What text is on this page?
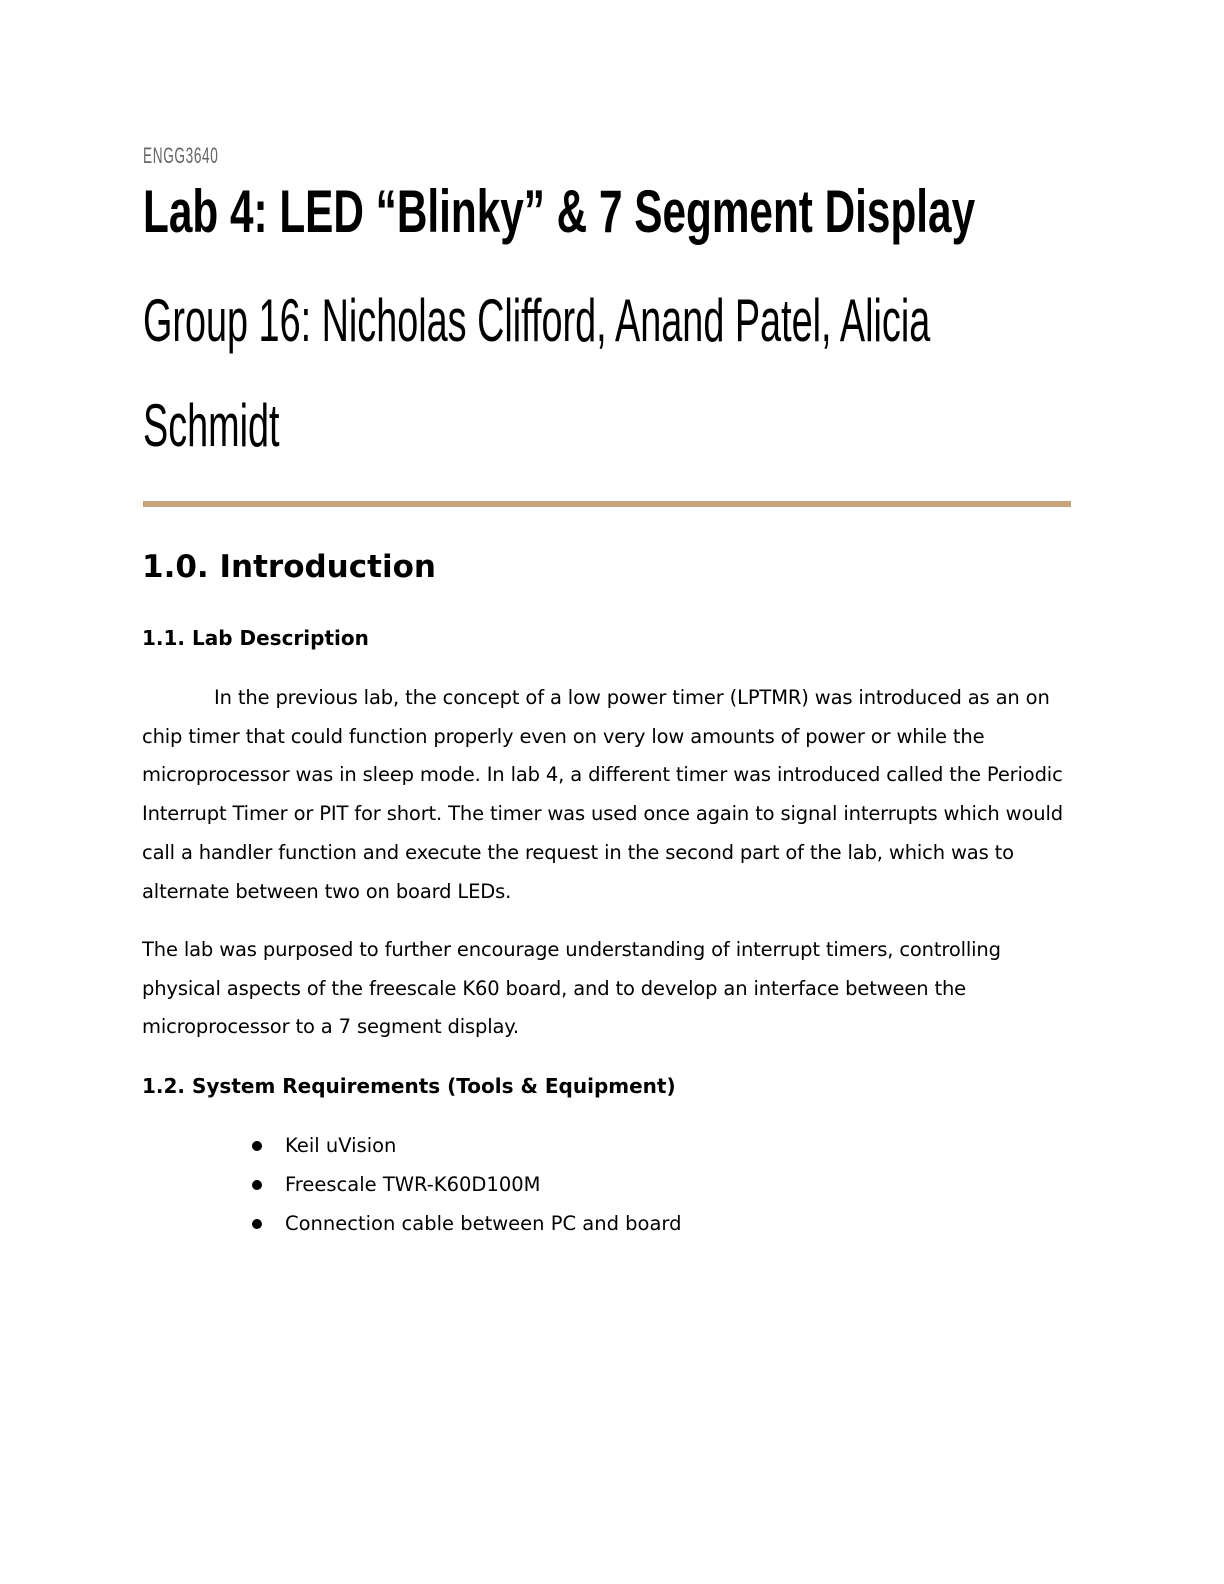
ENGG3640
Lab 4: LED “Blinky” & 7 Segment Display
Group 16: Nicholas Clifford, Anand Patel, Alicia Schmidt
1.0. Introduction
1.1. Lab Description

In the previous lab, the concept of a low power timer (LPTMR) was introduced as an on chip timer that could function properly even on very low amounts of power or while the microprocessor was in sleep mode. In lab 4, a different timer was introduced called the Periodic Interrupt Timer or PIT for short. The timer was used once again to signal interrupts which would call a handler function and execute the request in the second part of the lab, which was to alternate between two on board LEDs.

The lab was purposed to further encourage understanding of interrupt timers, controlling physical aspects of the freescale K60 board, and to develop an interface between the microprocessor to a 7 segment display.

1.2. System Requirements (Tools & Equipment)
Keil uVision
Freescale TWR-K60D100M
Connection cable between PC and board
